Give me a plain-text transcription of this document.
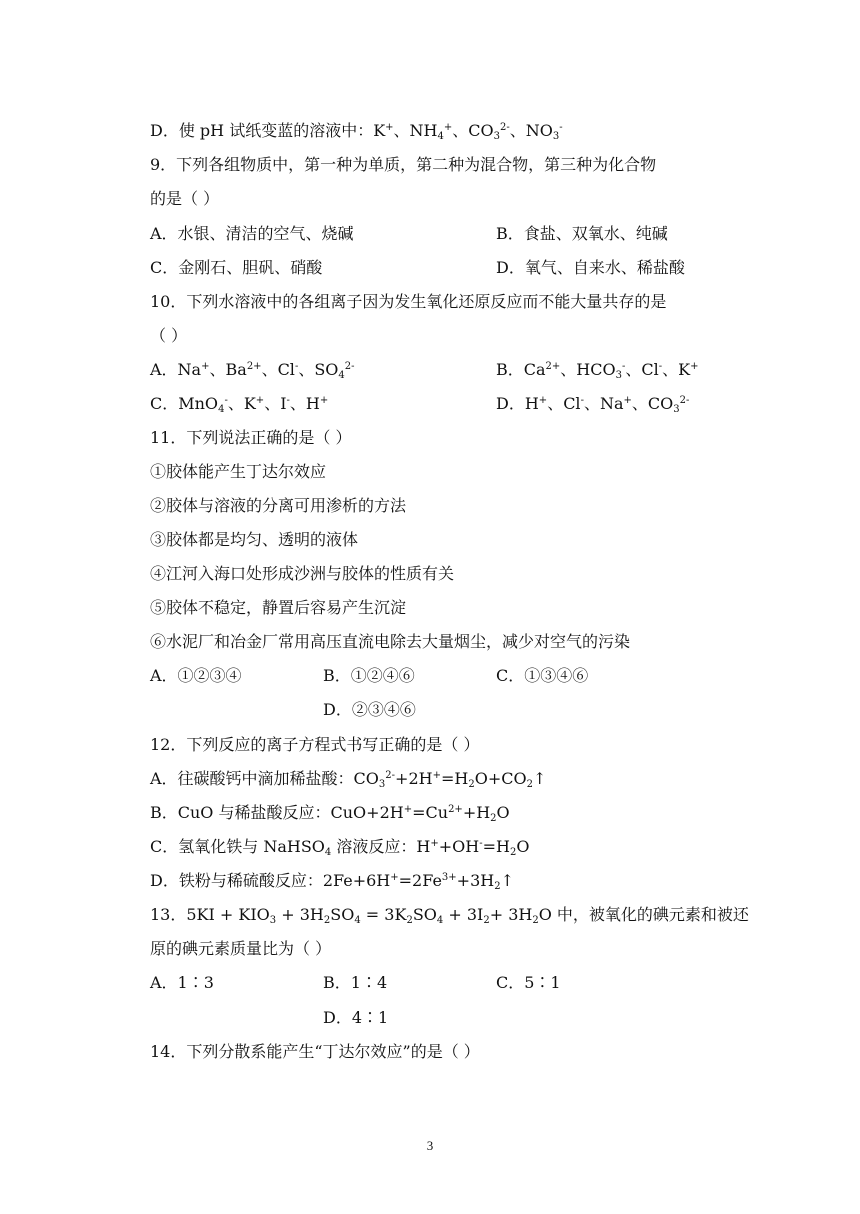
D．使 pH 试纸变蓝的溶液中：K+、$NH_4^+$、$CO_3^{2-}$、$NO_3^-$
9．下列各组物质中，第一种为单质，第二种为混合物，第三种为化合物
的是（ ）
A．水银、清洁的空气、烧碱	B．食盐、双氧水、纯碱
C．金刚石、胆矾、硝酸	D．氧气、自来水、稀盐酸
10．下列水溶液中的各组离子因为发生氧化还原反应而不能大量共存的是
（ ）
A．Na+、$Ba^{2+}$、Cl-、$SO_4^{2-}$	B．$Ca^{2+}$、$HCO_3^-$、Cl-、K+
C．MnO$_4$-、K+、I-、H+	D．H+、Cl-、Na+、$CO_3^{2-}$
11．下列说法正确的是（ ）
①胶体能产生丁达尔效应
②胶体与溶液的分离可用渗析的方法
③胶体都是均匀、透明的液体
④江河入海口处形成沙洲与胶体的性质有关
⑤胶体不稳定，静置后容易产生沉淀
⑥水泥厂和冶金厂常用高压直流电除去大量烟尘，减少对空气的污染
A．①②③④	B．①②④⑥	C．①③④⑥
D．②③④⑥
12．下列反应的离子方程式书写正确的是（ ）
A．往碳酸钙中滴加稀盐酸：$CO_3^{2-}+2H^+=H_2O+CO_2↑$
B．CuO 与稀盐酸反应：$CuO+2H^+=Cu^{2+}+H_2O$
C．氢氧化铁与 NaHSO$_4$ 溶液反应：$H^++OH^-=H_2O$
D．铁粉与稀硫酸反应：$2Fe+6H^+=2Fe^{3+}+3H_2↑$
13．$5KI + KIO_3 + 3H_2SO_4 = 3K_2SO_4 + 3I_2+ 3H_2O$ 中，被氧化的碘元素和被还
原的碘元素质量比为（ ）
A．1∶3	B．1∶4	C．5∶1
D．4∶1
14．下列分散系能产生“丁达尔效应”的是（ ）
3
